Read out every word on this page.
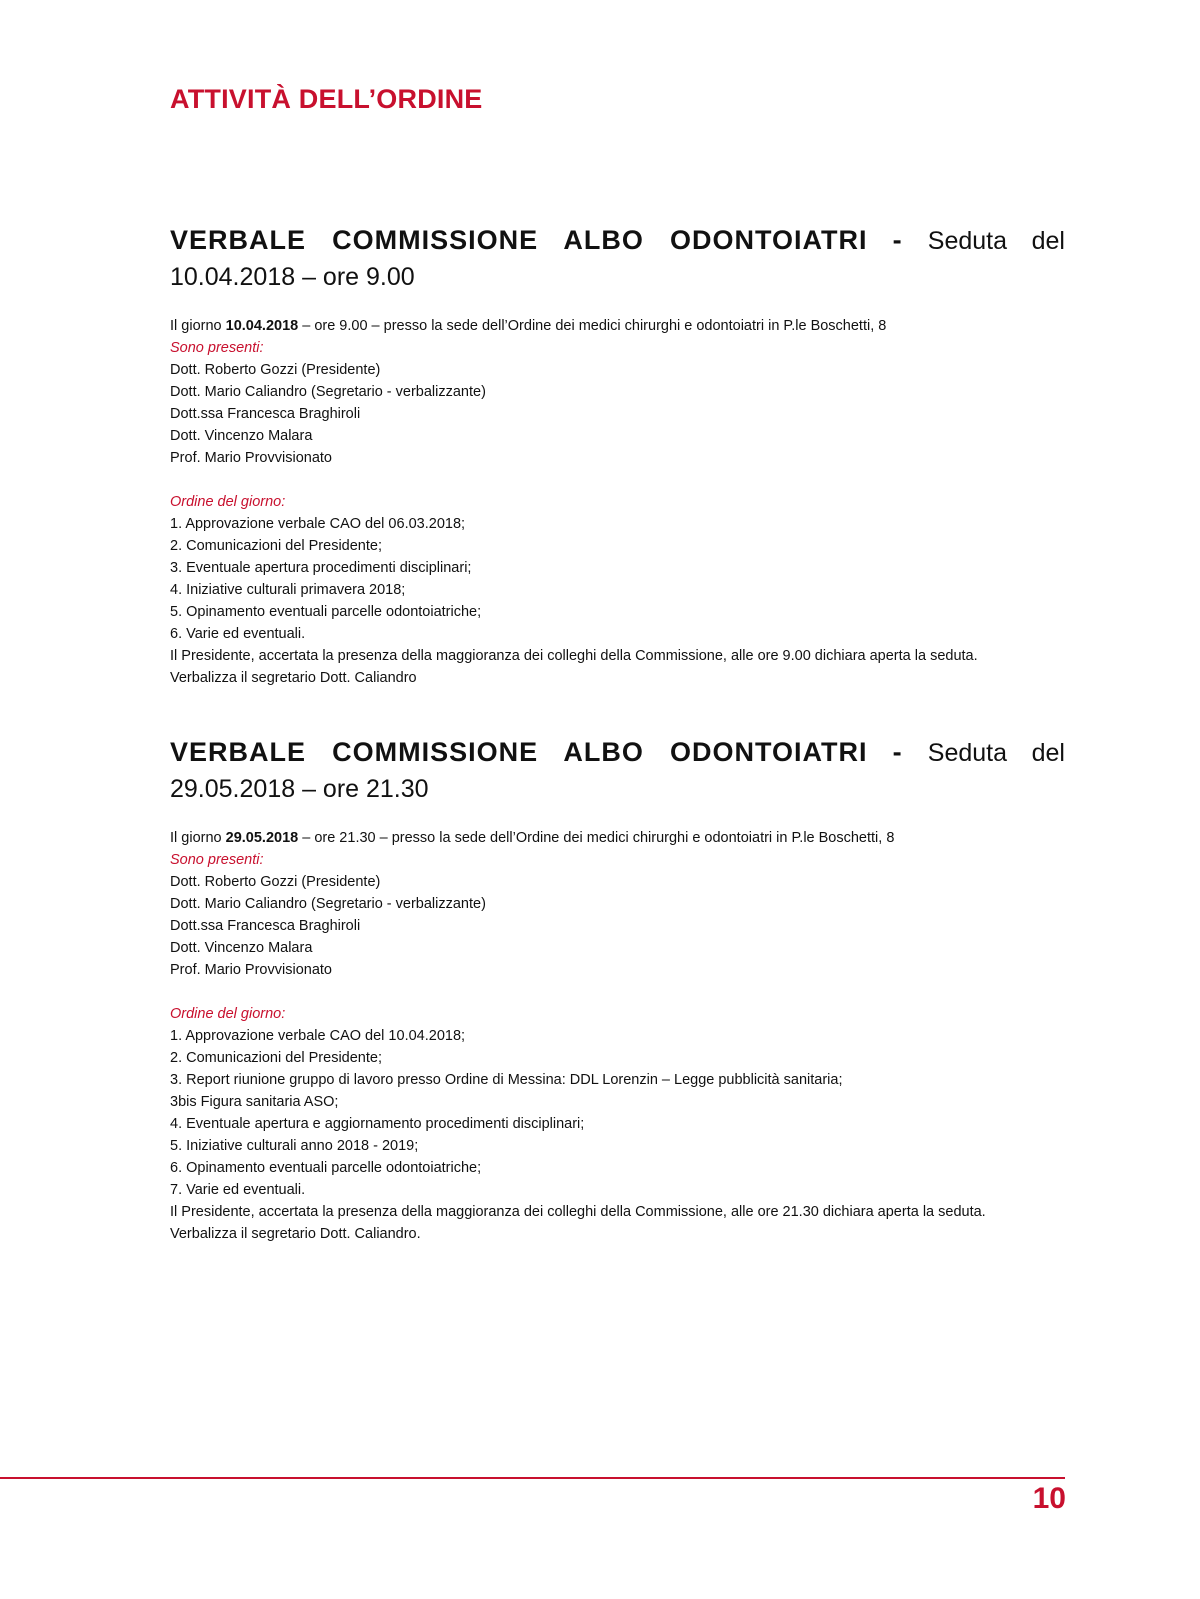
ATTIVITÀ DELL’ORDINE

VERBALE COMMISSIONE ALBO ODONTOIATRI - Seduta del

10.04.2018 – ore 9.00

Il giorno 10.04.2018 – ore 9.00 – presso la sede dell’Ordine dei medici chirurghi e odontoiatri in P.le Boschetti, 8
Sono presenti:
Dott. Roberto Gozzi (Presidente)
Dott. Mario Caliandro (Segretario - verbalizzante)
Dott.ssa Francesca Braghiroli
Dott. Vincenzo Malara
Prof. Mario Provvisionato
Ordine del giorno:
1. Approvazione verbale CAO del 06.03.2018;
2. Comunicazioni del Presidente;
3. Eventuale apertura procedimenti disciplinari;
4. Iniziative culturali primavera 2018;
5. Opinamento eventuali parcelle odontoiatriche;
6. Varie ed eventuali.
Il Presidente, accertata la presenza della maggioranza dei colleghi della Commissione, alle ore 9.00 dichiara aperta la seduta.
Verbalizza il segretario Dott. Caliandro

VERBALE COMMISSIONE ALBO ODONTOIATRI - Seduta del

29.05.2018 – ore 21.30

Il giorno 29.05.2018 – ore 21.30 – presso la sede dell’Ordine dei medici chirurghi e odontoiatri in P.le Boschetti, 8
Sono presenti:
Dott. Roberto Gozzi (Presidente)
Dott. Mario Caliandro (Segretario - verbalizzante)
Dott.ssa Francesca Braghiroli
Dott. Vincenzo Malara
Prof. Mario Provvisionato
Ordine del giorno:
1. Approvazione verbale CAO del 10.04.2018;
2. Comunicazioni del Presidente;
3. Report riunione gruppo di lavoro presso Ordine di Messina: DDL Lorenzin – Legge pubblicità sanitaria;
3bis Figura sanitaria ASO;
4. Eventuale apertura e aggiornamento procedimenti disciplinari;
5. Iniziative culturali anno 2018 - 2019;
6. Opinamento eventuali parcelle odontoiatriche;
7. Varie ed eventuali.
Il Presidente, accertata la presenza della maggioranza dei colleghi della Commissione, alle ore 21.30 dichiara aperta la seduta.
Verbalizza il segretario Dott. Caliandro.
10
